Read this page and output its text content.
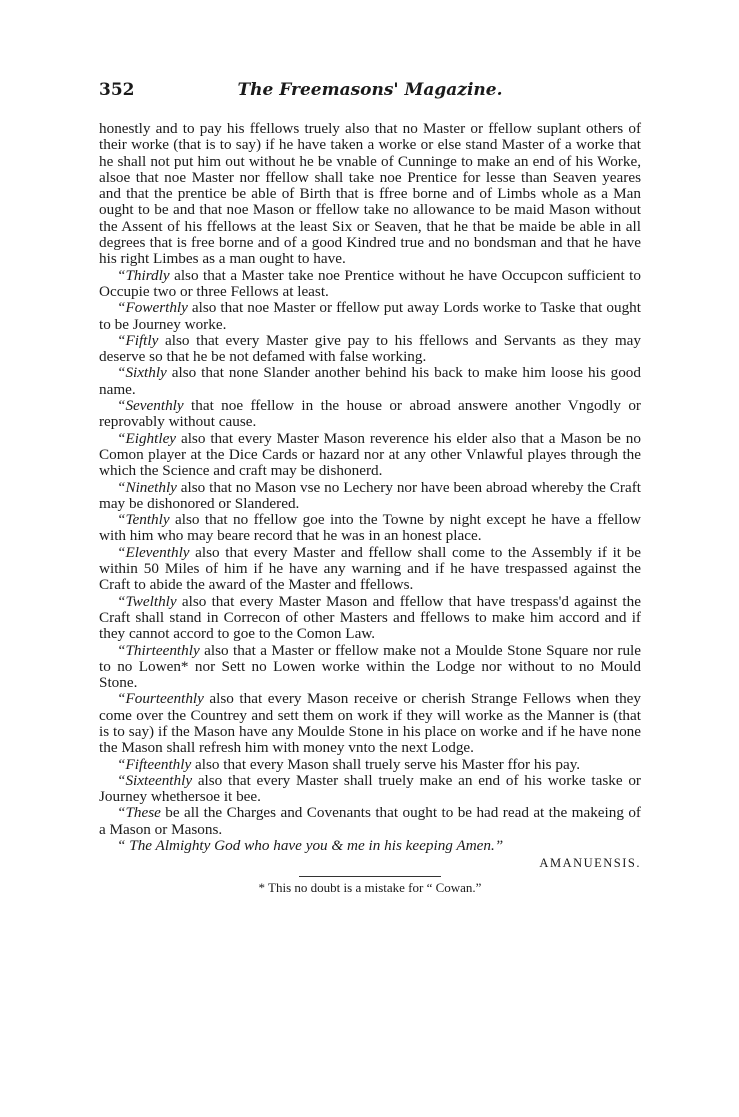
352	The Freemasons' Magazine.

honestly and to pay his ffellows truely also that no Master or ffellow suplant others of their worke (that is to say) if he have taken a worke or else stand Master of a worke that he shall not put him out without he be vnable of Cunninge to make an end of his Worke, alsoe that noe Master nor ffellow shall take noe Prentice for lesse than Seaven yeares and that the prentice be able of Birth that is ffree borne and of Limbs whole as a Man ought to be and that noe Mason or ffellow take no allowance to be maid Mason without the Assent of his ffellows at the least Six or Seaven, that he that be maide be able in all degrees that is free borne and of a good Kindred true and no bondsman and that he have his right Limbes as a man ought to have.

“Thirdly also that a Master take noe Prentice without he have Occupcon sufficient to Occupie two or three Fellows at least.

“Fowerthly also that noe Master or ffellow put away Lords worke to Taske that ought to be Journey worke.

“Fiftly also that every Master give pay to his ffellows and Servants as they may deserve so that he be not defamed with false working.

“Sixthly also that none Slander another behind his back to make him loose his good name.

“Seventhly that noe ffellow in the house or abroad answere another Vngodly or reprovably without cause.

“Eightley also that every Master Mason reverence his elder also that a Mason be no Comon player at the Dice Cards or hazard nor at any other Vnlawful playes through the which the Science and craft may be dishonerd.

“Ninethly also that no Mason vse no Lechery nor have been abroad whereby the Craft may be dishonored or Slandered.

“Tenthly also that no ffellow goe into the Towne by night except he have a ffellow with him who may beare record that he was in an honest place.

“Eleventhly also that every Master and ffellow shall come to the Assembly if it be within 50 Miles of him if he have any warning and if he have trespassed against the Craft to abide the award of the Master and ffellows.

“Twelthly also that every Master Mason and ffellow that have trespass'd against the Craft shall stand in Correcon of other Masters and ffellows to make him accord and if they cannot accord to goe to the Comon Law.

“Thirteenthly also that a Master or ffellow make not a Moulde Stone Square nor rule to no Lowen* nor Sett no Lowen worke within the Lodge nor without to no Mould Stone.

“Fourteenthly also that every Mason receive or cherish Strange Fellows when they come over the Countrey and sett them on work if they will worke as the Manner is (that is to say) if the Mason have any Moulde Stone in his place on worke and if he have none the Mason shall refresh him with money vnto the next Lodge.

“Fifteenthly also that every Mason shall truely serve his Master ffor his pay.

“Sixteenthly also that every Master shall truely make an end of his worke taske or Journey whethersoe it bee.

“These be all the Charges and Covenants that ought to be had read at the makeing of a Mason or Masons.

“ The Almighty God who have you & me in his keeping Amen.”

AMANUENSIS.
* This no doubt is a mistake for “ Cowan.”
